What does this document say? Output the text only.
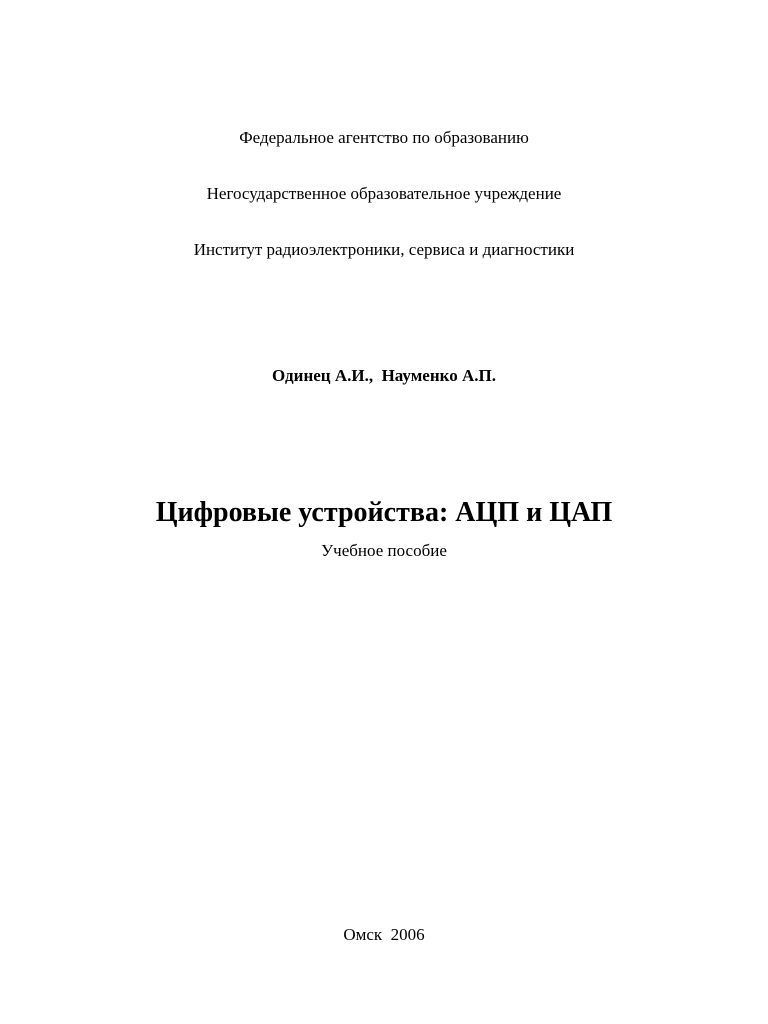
Федеральное агентство по образованию

Негосударственное образовательное учреждение

Институт радиоэлектроники, сервиса и диагностики

Одинец А.И.,  Науменко А.П.
Цифровые устройства: АЦП и ЦАП
Учебное пособие
Омск  2006
